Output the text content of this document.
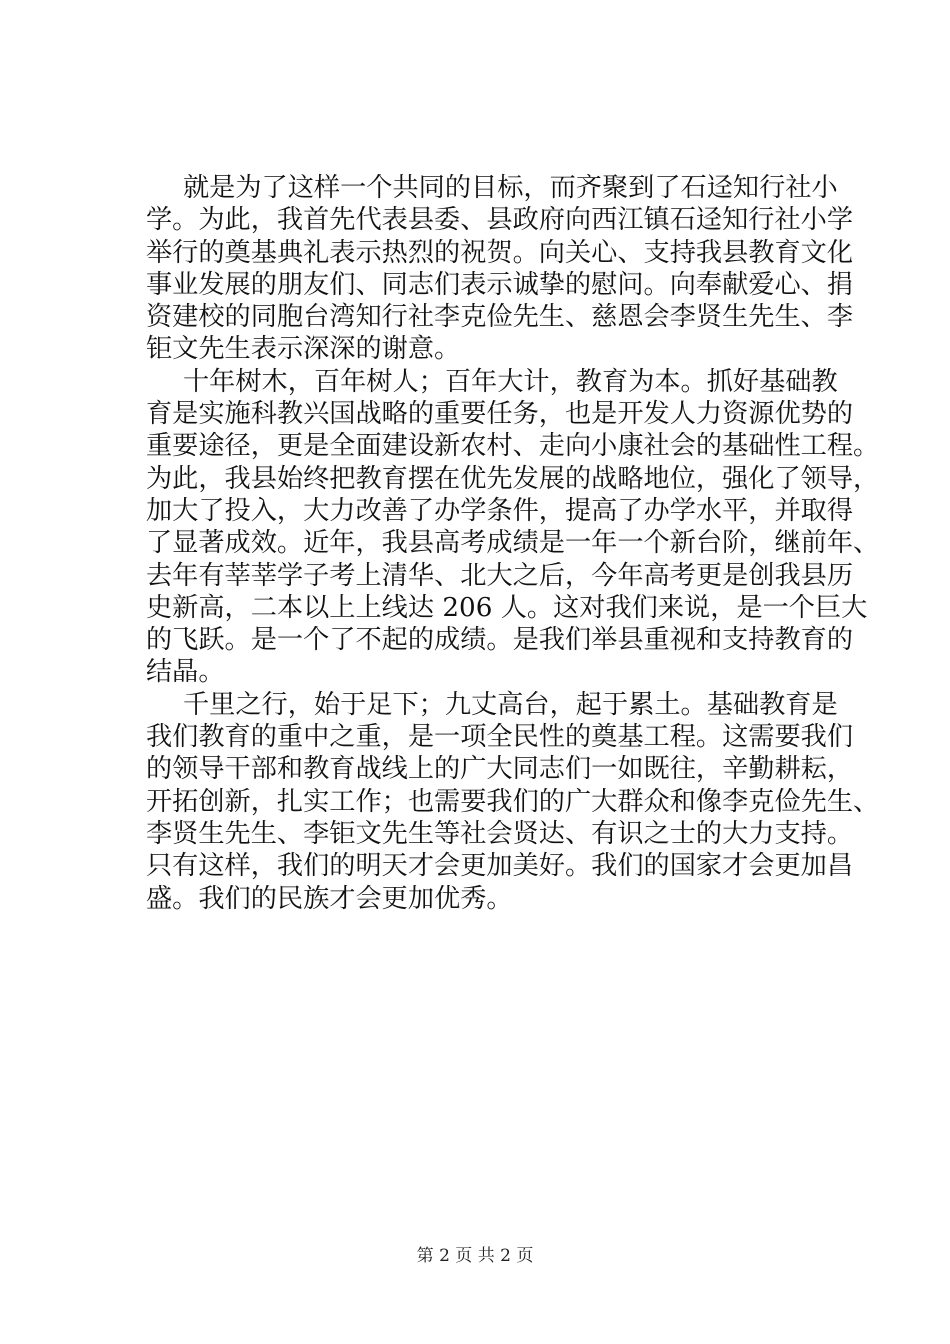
就是为了这样一个共同的目标，而齐聚到了石迳知行社小
学。为此，我首先代表县委、县政府向西江镇石迳知行社小学
举行的奠基典礼表示热烈的祝贺。向关心、支持我县教育文化
事业发展的朋友们、同志们表示诚挚的慰问。向奉献爱心、捐
资建校的同胞台湾知行社李克俭先生、慈恩会李贤生先生、李
钜文先生表示深深的谢意。
十年树木，百年树人；百年大计，教育为本。抓好基础教
育是实施科教兴国战略的重要任务，也是开发人力资源优势的
重要途径，更是全面建设新农村、走向小康社会的基础性工程。
为此，我县始终把教育摆在优先发展的战略地位，强化了领导，
加大了投入，大力改善了办学条件，提高了办学水平，并取得
了显著成效。近年，我县高考成绩是一年一个新台阶，继前年、
去年有莘莘学子考上清华、北大之后，今年高考更是创我县历
史新高，二本以上上线达 206 人。这对我们来说，是一个巨大
的飞跃。是一个了不起的成绩。是我们举县重视和支持教育的
结晶。
千里之行，始于足下；九丈高台，起于累土。基础教育是
我们教育的重中之重，是一项全民性的奠基工程。这需要我们
的领导干部和教育战线上的广大同志们一如既往，辛勤耕耘，
开拓创新，扎实工作；也需要我们的广大群众和像李克俭先生、
李贤生先生、李钜文先生等社会贤达、有识之士的大力支持。
只有这样，我们的明天才会更加美好。我们的国家才会更加昌
盛。我们的民族才会更加优秀。
第 2 页 共 2 页
